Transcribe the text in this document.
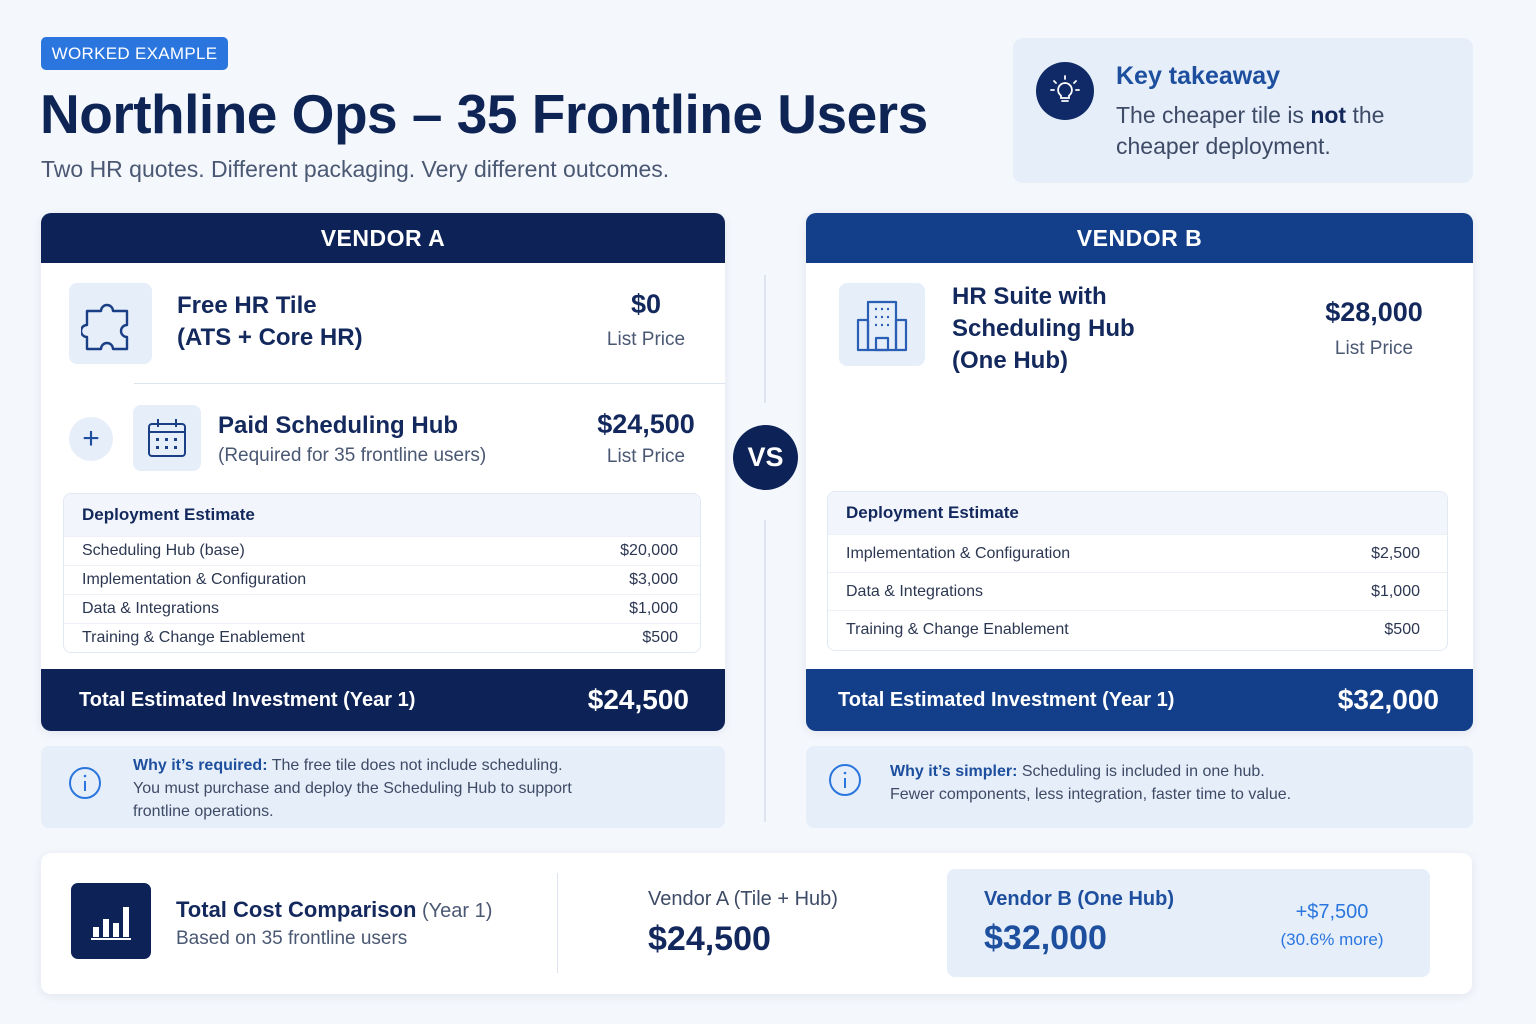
WORKED EXAMPLE
Northline Ops – 35 Frontline Users
Two HR quotes. Different packaging. Very different outcomes.
Key takeaway
The cheaper tile is not the cheaper deployment.
VS
VENDOR A
Free HR Tile
(ATS + Core HR)
$0
List Price
+	Paid Scheduling Hub
(Required for 35 frontline users)
$24,500
List Price
Deployment Estimate
Scheduling Hub (base)	$20,000
Implementation & Configuration	$3,000
Data & Integrations	$1,000
Training & Change Enablement	$500
Total Estimated Investment (Year 1)	$24,500
Why it’s required: The free tile does not include scheduling.
You must purchase and deploy the Scheduling Hub to support
frontline operations.
VENDOR B
HR Suite with
Scheduling Hub
(One Hub)
$28,000
List Price
Deployment Estimate
Implementation & Configuration	$2,500
Data & Integrations	$1,000
Training & Change Enablement	$500
Total Estimated Investment (Year 1)	$32,000
Why it’s simpler: Scheduling is included in one hub.
Fewer components, less integration, faster time to value.
Total Cost Comparison (Year 1)
Based on 35 frontline users
Vendor A (Tile + Hub)
$24,500
Vendor B (One Hub)
$32,000
+$7,500
(30.6% more)
